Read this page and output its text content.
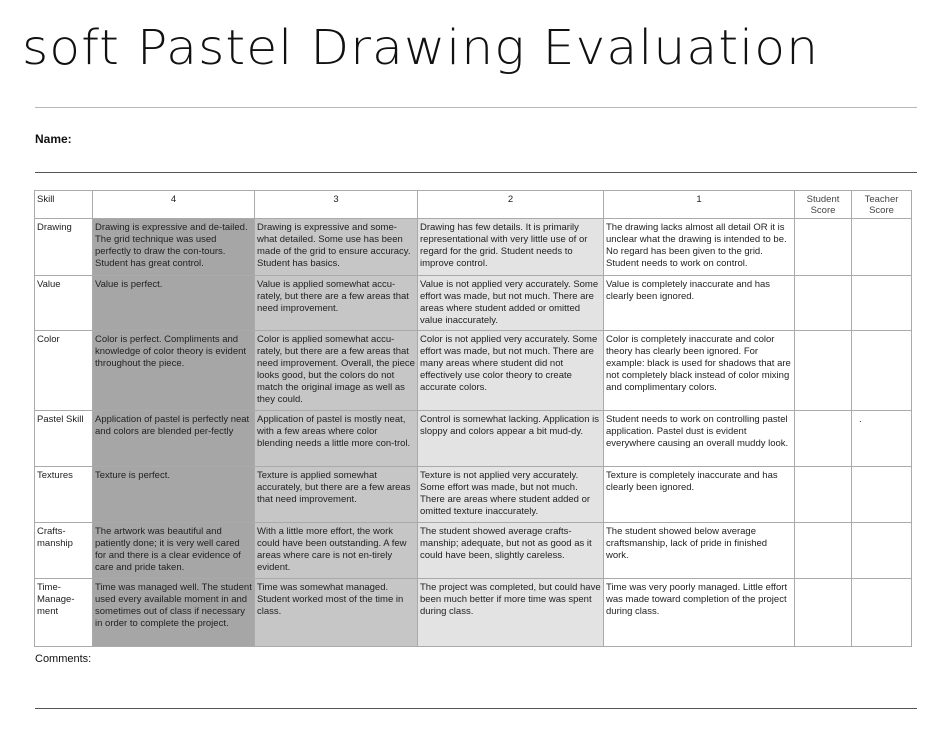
soft Pastel Drawing Evaluation
Name:
Skill	4	3	2	1	Student Score	Teacher Score
Drawing	Drawing is expressive and de-tailed. The grid technique was used perfectly to draw the con-tours. Student has great control.	Drawing is expressive and some-what detailed. Some use has been made of the grid to ensure accuracy. Student has basics.	Drawing has few details. It is primarily representational with very little use of or regard for the grid. Student needs to improve control.	The drawing lacks almost all detail OR it is unclear what the drawing is intended to be. No regard has been given to the grid. Student needs to work on control.		
Value	Value is perfect.	Value is applied somewhat accu-rately, but there are a few areas that need improvement.	Value is not applied very accurately. Some effort was made, but not much. There are areas where student added or omitted value inaccurately.	Value is completely inaccurate and has clearly been ignored.		
Color	Color is perfect. Compliments and knowledge of color theory is evident throughout the piece.	Color is applied somewhat accu-rately, but there are a few areas that need improvement. Overall, the piece looks good, but the colors do not match the original image as well as they could.	Color is not applied very accurately. Some effort was made, but not much. There are many areas where student did not effectively use color theory to create accurate colors.	Color is completely inaccurate and color theory has clearly been ignored. For example: black is used for shadows that are not completely black instead of color mixing and complimentary colors.		
Pastel Skill	Application of pastel is perfectly neat and colors are blended per-fectly	Application of pastel is mostly neat, with a few areas where color blending needs a little more con-trol.	Control is somewhat lacking. Application is sloppy and colors appear a bit mud-dy.	Student needs to work on controlling pastel application. Pastel dust is evident everywhere causing an overall muddy look.		.

Textures	Texture is perfect.	Texture is applied somewhat accurately, but there are a few areas that need improvement.	Texture is not applied very accurately. Some effort was made, but not much. There are areas where student added or omitted texture inaccurately.	Texture is completely inaccurate and has clearly been ignored.		
Crafts-manship	The artwork was beautiful and patiently done; it is very well cared for and there is a clear evidence of care and pride taken.	With a little more effort, the work could have been outstanding. A few areas where care is not en-tirely evident.	The student showed average crafts-manship; adequate, but not as good as it could have been, slightly careless.	The student showed below average craftsmanship, lack of pride in finished work.		
Time-Manage-ment	Time was managed well. The student used every available moment in and sometimes out of class if necessary in order to complete the project.	Time was somewhat managed. Student worked most of the time in class.	The project was completed, but could have been much better if more time was spent during class.	Time was very poorly managed. Little effort was made toward completion of the project during class.		
Comments:
